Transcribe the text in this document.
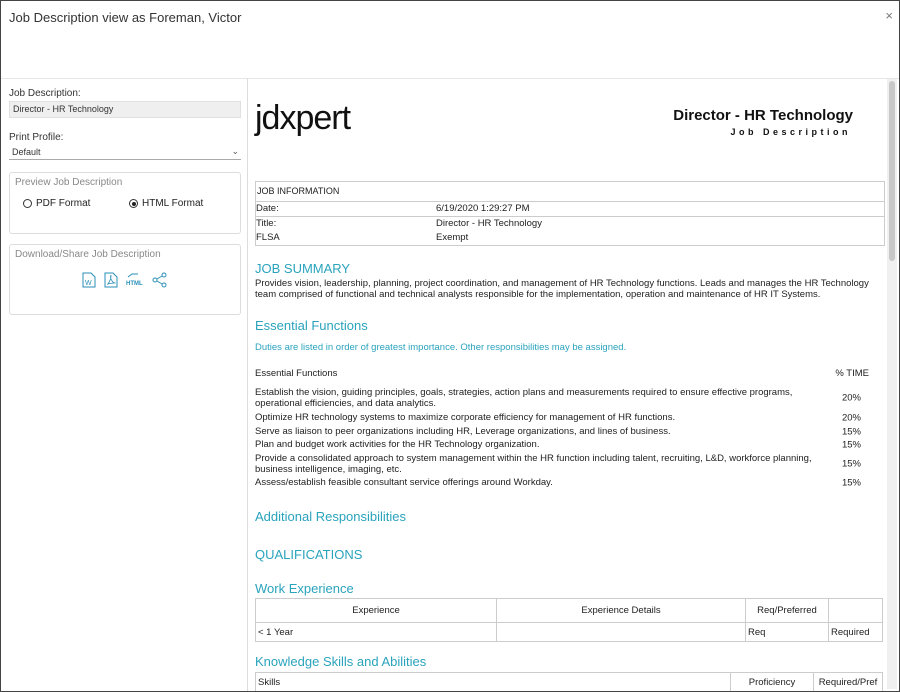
Job Description view as Foreman, Victor	×
Job Description:
Director - HR Technology
Print Profile:
Default	⌄
Preview Job Description
PDF Format	HTML Format
Download/Share Job Description
W	HTML
jdxpert	Director - HR Technology
Job Description
JOB INFORMATION
Date:	6/19/2020 1:29:27 PM
Title:	Director - HR Technology
FLSA	Exempt
JOB SUMMARY
Provides vision, leadership, planning, project coordination, and management of HR Technology functions. Leads and manages the HR Technology team comprised of functional and technical analysts responsible for the implementation, operation and maintenance of HR IT Systems.
Essential Functions
Duties are listed in order of greatest importance. Other responsibilities may be assigned.
Essential Functions	% TIME
Establish the vision, guiding principles, goals, strategies, action plans and measurements required to ensure effective programs, operational efficiencies, and data analytics.	20%
Optimize HR technology systems to maximize corporate efficiency for management of HR functions.	20%
Serve as liaison to peer organizations including HR, Leverage organizations, and lines of business.	15%
Plan and budget work activities for the HR Technology organization.	15%
Provide a consolidated approach to system management within the HR function including talent, recruiting, L&D, workforce planning, business intelligence, imaging, etc.	15%
Assess/establish feasible consultant service offerings around Workday.	15%
Additional Responsibilities
QUALIFICATIONS
Work Experience
Experience	Experience Details	Req/Preferred	
< 1 Year		Req	Required
Knowledge Skills and Abilities
Skills	Proficiency	Required/Pref
